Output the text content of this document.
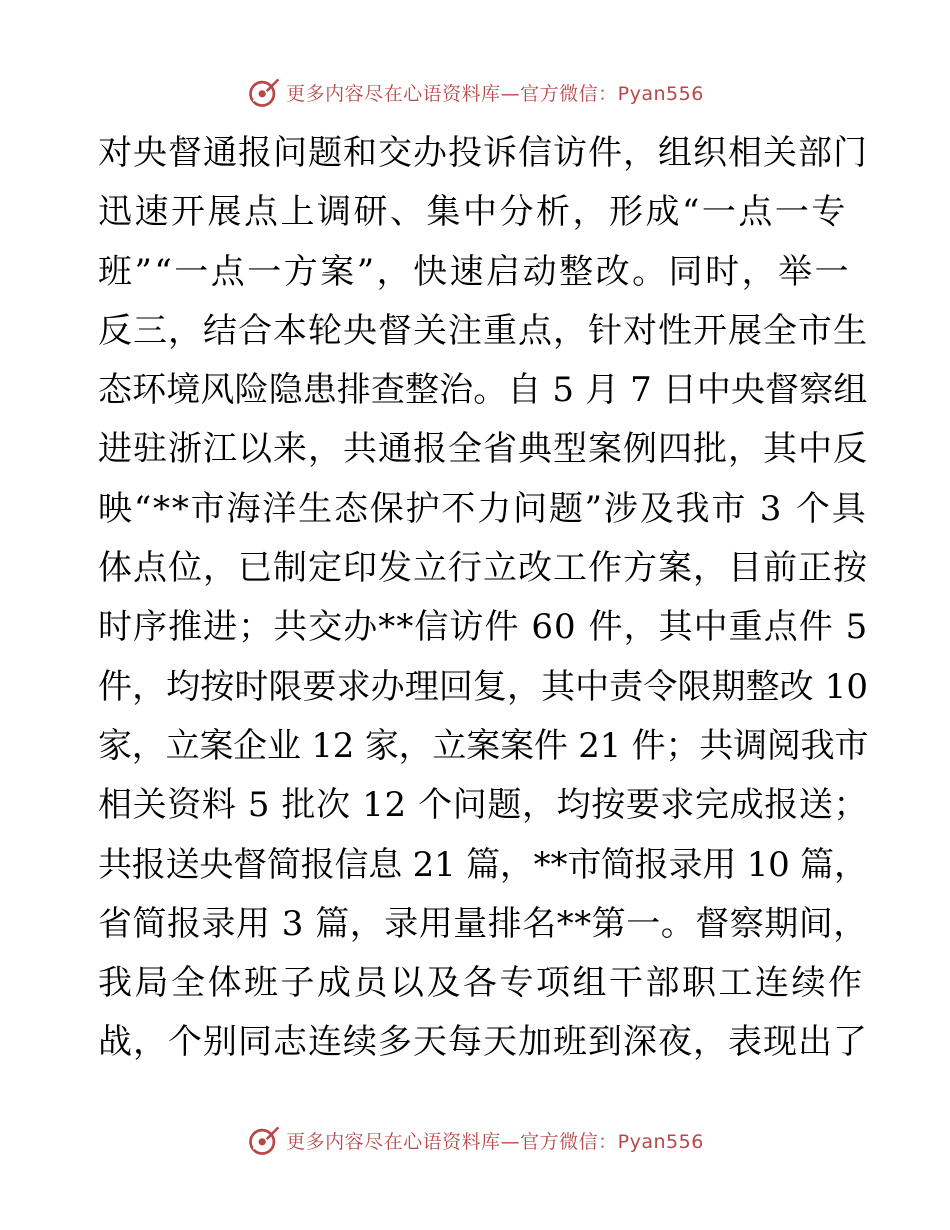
更多内容尽在心语资料库—官方微信：Pyan556
对央督通报问题和交办投诉信访件，组织相关部门
迅速开展点上调研、集中分析，形成“一点一专
班”“一点一方案”，快速启动整改。同时，举一
反三，结合本轮央督关注重点，针对性开展全市生
态环境风险隐患排查整治。自 5 月 7 日中央督察组
进驻浙江以来，共通报全省典型案例四批，其中反
映“**市海洋生态保护不力问题”涉及我市 3 个具
体点位，已制定印发立行立改工作方案，目前正按
时序推进；共交办**信访件 60 件，其中重点件 5
件，均按时限要求办理回复，其中责令限期整改 10
家，立案企业 12 家，立案案件 21 件；共调阅我市
相关资料 5 批次 12 个问题，均按要求完成报送；
共报送央督简报信息 21 篇，**市简报录用 10 篇，
省简报录用 3 篇，录用量排名**第一。督察期间，
我局全体班子成员以及各专项组干部职工连续作
战，个别同志连续多天每天加班到深夜，表现出了
更多内容尽在心语资料库—官方微信：Pyan556
